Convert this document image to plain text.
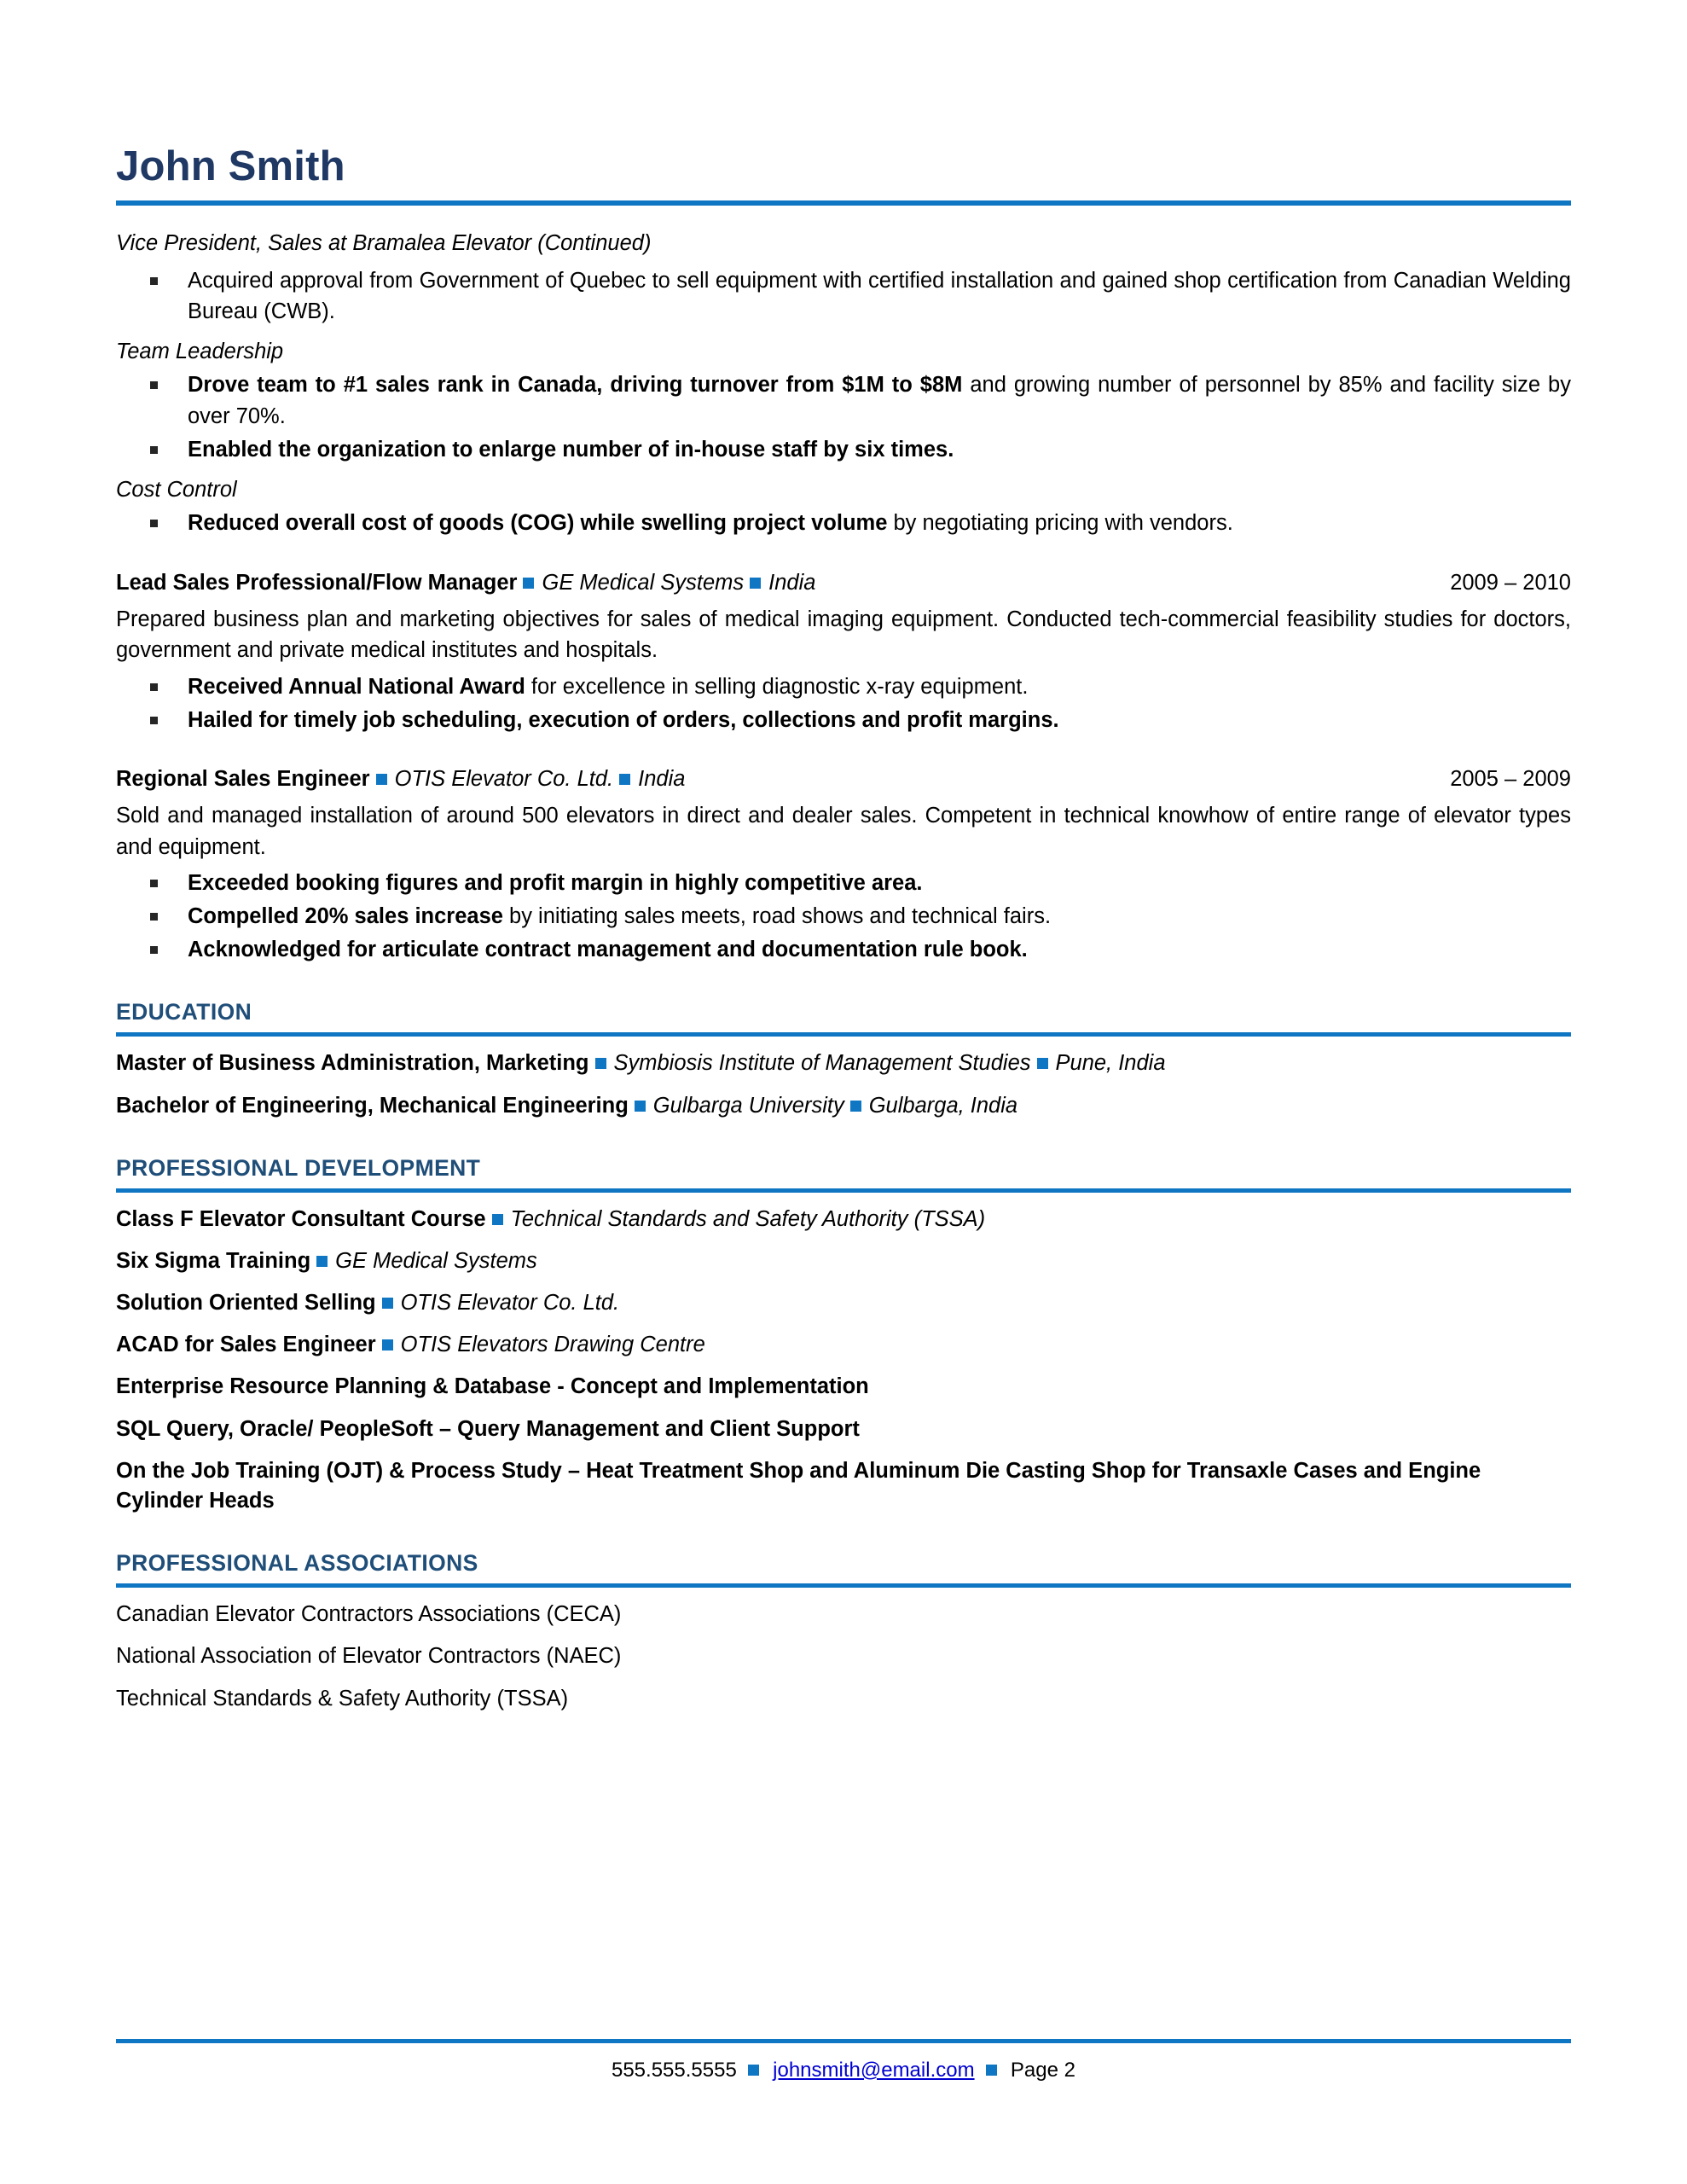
John Smith
Vice President, Sales at Bramalea Elevator (Continued)
Acquired approval from Government of Quebec to sell equipment with certified installation and gained shop certification from Canadian Welding Bureau (CWB).
Team Leadership
Drove team to #1 sales rank in Canada, driving turnover from $1M to $8M and growing number of personnel by 85% and facility size by over 70%.
Enabled the organization to enlarge number of in-house staff by six times.
Cost Control
Reduced overall cost of goods (COG) while swelling project volume by negotiating pricing with vendors.
Lead Sales Professional/Flow Manager GE Medical Systems India	2009 – 2010
Prepared business plan and marketing objectives for sales of medical imaging equipment. Conducted tech-commercial feasibility studies for doctors, government and private medical institutes and hospitals.
Received Annual National Award for excellence in selling diagnostic x-ray equipment.
Hailed for timely job scheduling, execution of orders, collections and profit margins.
Regional Sales Engineer OTIS Elevator Co. Ltd. India	2005 – 2009
Sold and managed installation of around 500 elevators in direct and dealer sales. Competent in technical knowhow of entire range of elevator types and equipment.
Exceeded booking figures and profit margin in highly competitive area.
Compelled 20% sales increase by initiating sales meets, road shows and technical fairs.
Acknowledged for articulate contract management and documentation rule book.
EDUCATION
Master of Business Administration, Marketing Symbiosis Institute of Management Studies Pune, India
Bachelor of Engineering, Mechanical Engineering Gulbarga University Gulbarga, India
PROFESSIONAL DEVELOPMENT
Class F Elevator Consultant Course Technical Standards and Safety Authority (TSSA)
Six Sigma Training GE Medical Systems
Solution Oriented Selling OTIS Elevator Co. Ltd.
ACAD for Sales Engineer OTIS Elevators Drawing Centre
Enterprise Resource Planning & Database - Concept and Implementation
SQL Query, Oracle/ PeopleSoft – Query Management and Client Support
On the Job Training (OJT) & Process Study – Heat Treatment Shop and Aluminum Die Casting Shop for Transaxle Cases and Engine Cylinder Heads
PROFESSIONAL ASSOCIATIONS
Canadian Elevator Contractors Associations (CECA)
National Association of Elevator Contractors (NAEC)
Technical Standards & Safety Authority (TSSA)
555.555.5555 johnsmith@email.com Page 2
